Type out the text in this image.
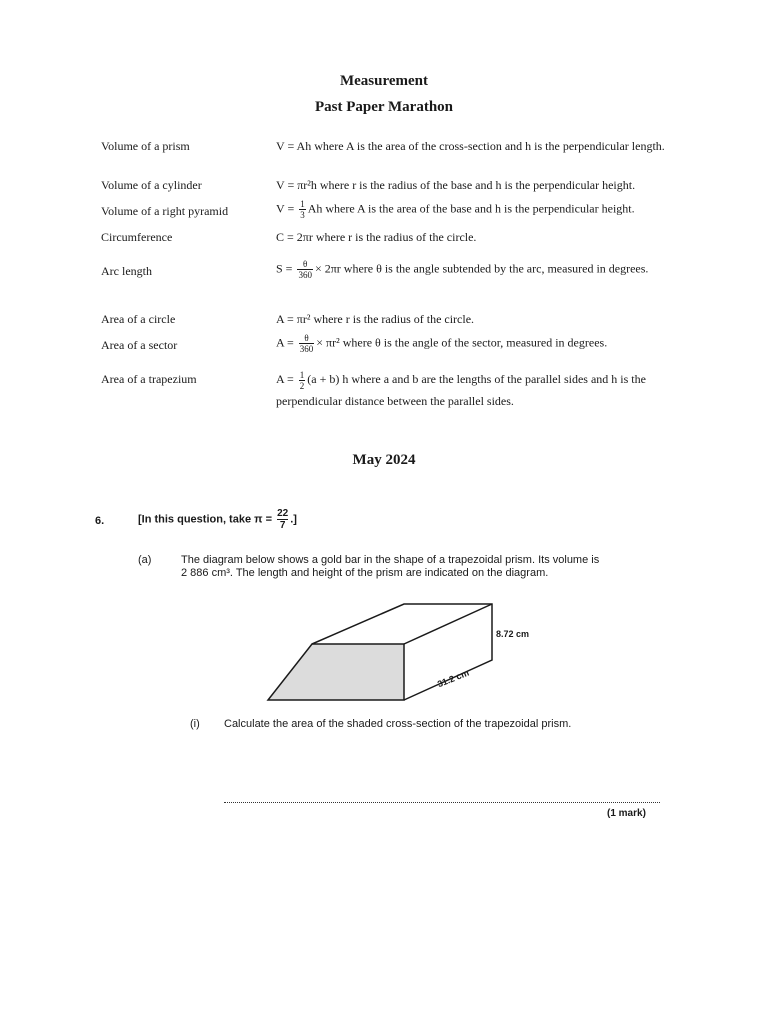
Measurement
Past Paper Marathon
Volume of a prism	V = Ah where A is the area of the cross-section and h is the perpendicular length.
Volume of a cylinder	V = πr²h where r is the radius of the base and h is the perpendicular height.
Volume of a right pyramid	$V = \frac{1}{3}$ Ah where A is the area of the base and h is the perpendicular height.
Circumference	C = 2πr where r is the radius of the circle.
Arc length	$S = \frac{\theta}{360} \times 2\pi r$ where θ is the angle subtended by the arc, measured in degrees.
Area of a circle	A = πr² where r is the radius of the circle.
Area of a sector	$A = \frac{\theta}{360} \times \pi r^2$ where θ is the angle of the sector, measured in degrees.
Area of a trapezium	$A = \frac{1}{2} (a + b)$ h where a and b are the lengths of the parallel sides and h is the perpendicular distance between the parallel sides.
May 2024
6.	[In this question, take $\pi = \frac{22}{7}$ .]
(a)	The diagram below shows a gold bar in the shape of a trapezoidal prism. Its volume is
2 886 cm³. The length and height of the prism are indicated on the diagram.
8.72 cm
31.2 cm
(i) Calculate the area of the shaded cross-section of the trapezoidal prism.
(1 mark)
